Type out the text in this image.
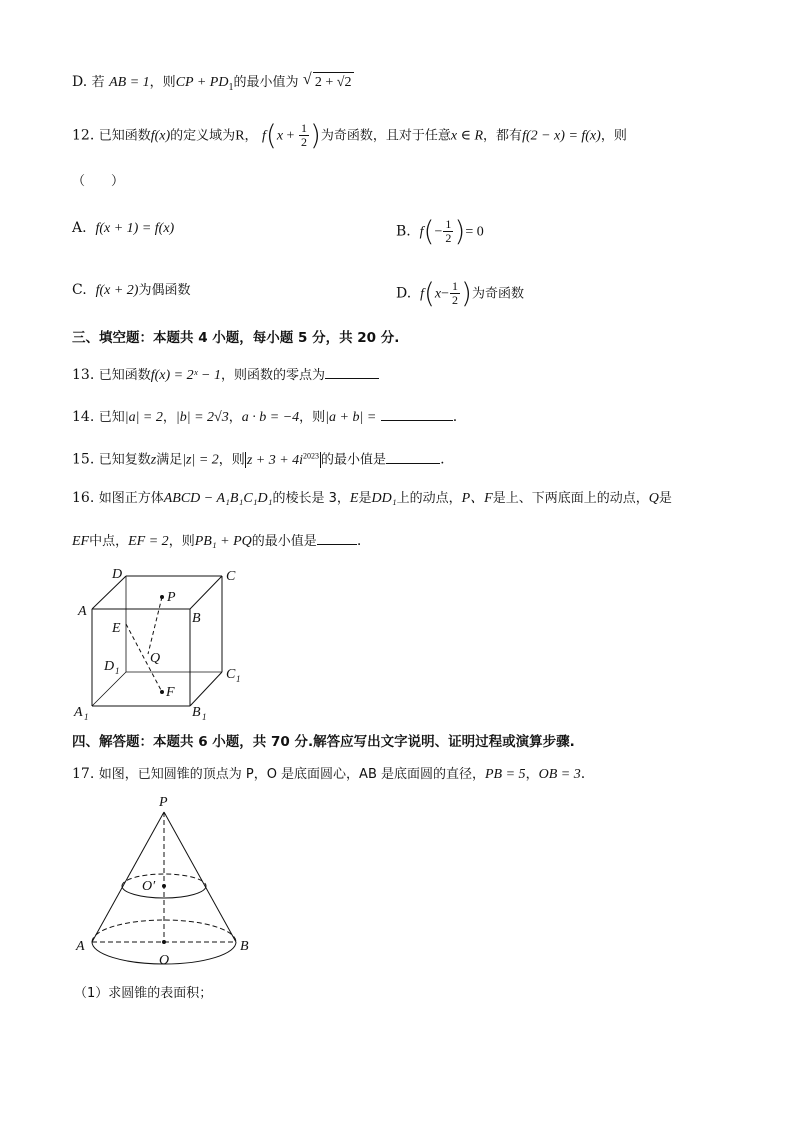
D. 若 AB = 1，则CP + $PD_1$的最小值为 √ 2 + √2
12. 已知函数f(x)的定义域为R， $f(x + \frac{1}{2}$ )为奇函数，且对于任意x ∈ R，都有f(2 − x) = f(x)，则
（　　）
A. f(x + 1) = f(x)	B. $f(- \frac{1}{2}$ )= 0
C. f(x + 2)为偶函数	D. $f(x- \frac{1}{2}$ )为奇函数
三、填空题：本题共 4 小题，每小题 5 分，共 20 分.
13. 已知函数f(x) = 2ˣ − 1，则函数的零点为
14. 已知|a| = 2，|b| = 2√3，a · b = −4，则|a + b| =	.
15. 已知复数z满足|z| = 2，则 $z + 3 + 4i^{2023}$ 的最小值是	.
16. 如图正方体ABCD − A₁B₁C₁D₁的棱长是 3，E是DD₁上的动点，P、F是上、下两底面上的动点，Q是
EF中点，EF = 2，则PB₁ + PQ的最小值是	.
D	C
A	B
P
E
Q
D 1	C 1
F
A 1	B 1
四、解答题：本题共 6 小题，共 70 分.解答应写出文字说明、证明过程或演算步骤.
17. 如图，已知圆锥的顶点为 P，O 是底面圆心，AB 是底面圆的直径，PB = 5，OB = 3.
P
O′
A	B
O
（1）求圆锥的表面积；
